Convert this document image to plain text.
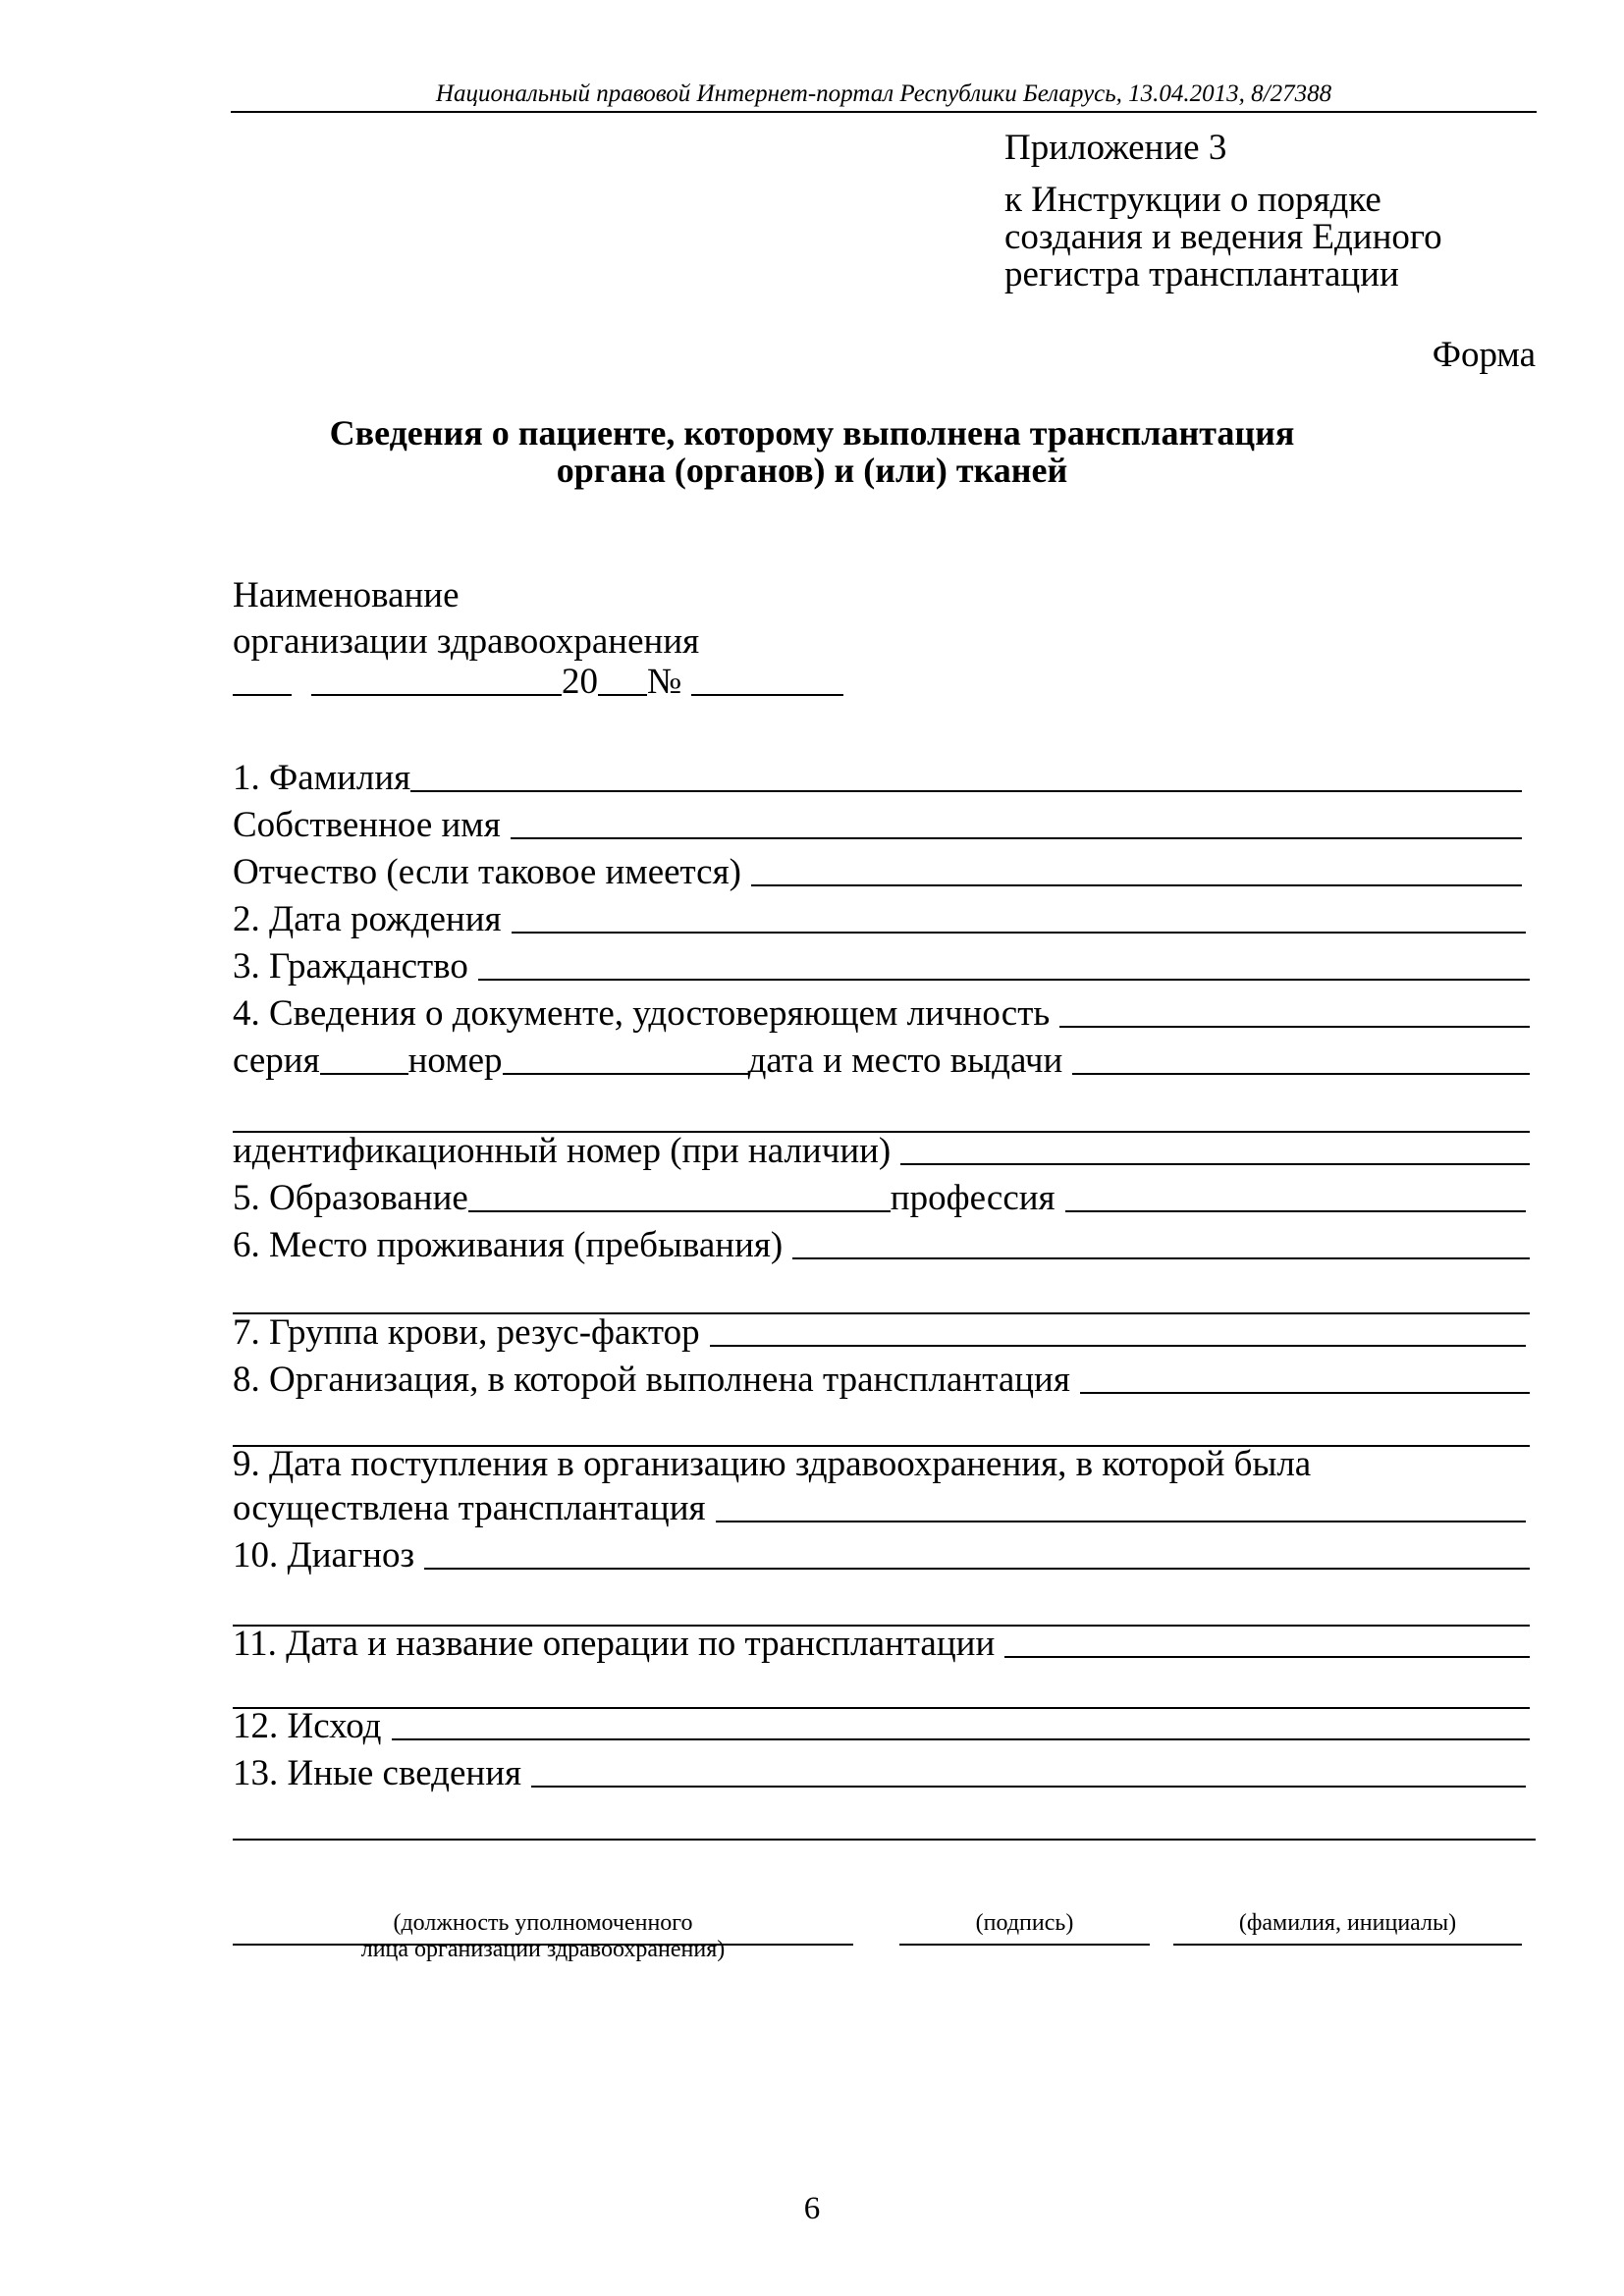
Национальный правовой Интернет-портал Республики Беларусь, 13.04.2013, 8/27388
Приложение 3
к Инструкции о порядке
создания и ведения Единого
регистра трансплантации
Форма
Сведения о пациенте, которому выполнена трансплантация
органа (органов) и (или) тканей
Наименование
организации здравоохранения
20 №
1. Фамилия
Собственное имя
Отчество (если таковое имеется)
2. Дата рождения
3. Гражданство
4. Сведения о документе, удостоверяющем личность
серия номер	дата и место выдачи
идентификационный номер (при наличии)
5. Образование	профессия
6. Место проживания (пребывания)
7. Группа крови, резус-фактор
8. Организация, в которой выполнена трансплантация
9. Дата поступления в организацию здравоохранения, в которой была
осуществлена трансплантация
10. Диагноз
11. Дата и название операции по трансплантации
12. Исход
13. Иные сведения
(должность уполномоченного
лица организации здравоохранения)
(подпись)	(фамилия, инициалы)
6
